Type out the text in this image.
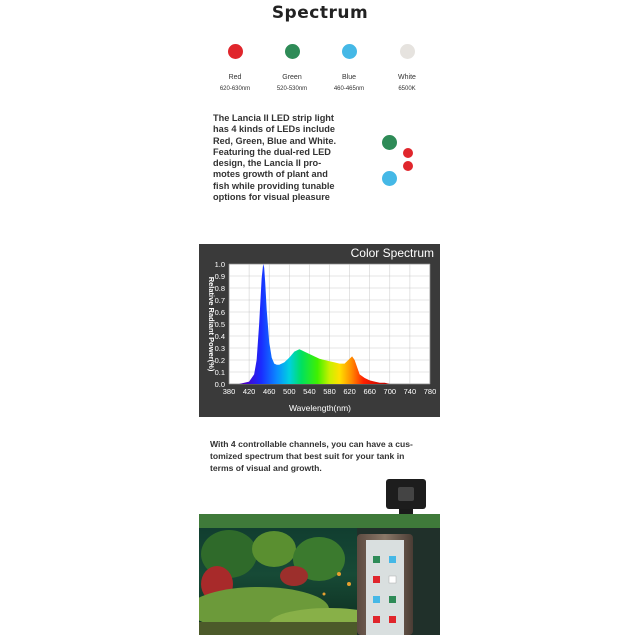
Spectrum
Red
620-630nm
Green
520-530nm
Blue
460-465nm
White
6500K
The Lancia II LED strip light
has 4 kinds of LEDs include
Red, Green, Blue and White.
Featuring the dual-red LED
design, the Lancia II pro-
motes growth of plant and
fish while providing tunable
options for visual pleasure
Color Spectrum
0.0
0.1
0.2
0.3
0.4
0.5
0.6
0.7
0.8
0.9
1.0
380 420 460 500 540 580 620 660 700 740 780
Relative Radiant Power(%)
Wavelength(nm)
With 4 controllable channels, you can have a cus-
tomized spectrum that best suit for your tank in
terms of visual and growth.
